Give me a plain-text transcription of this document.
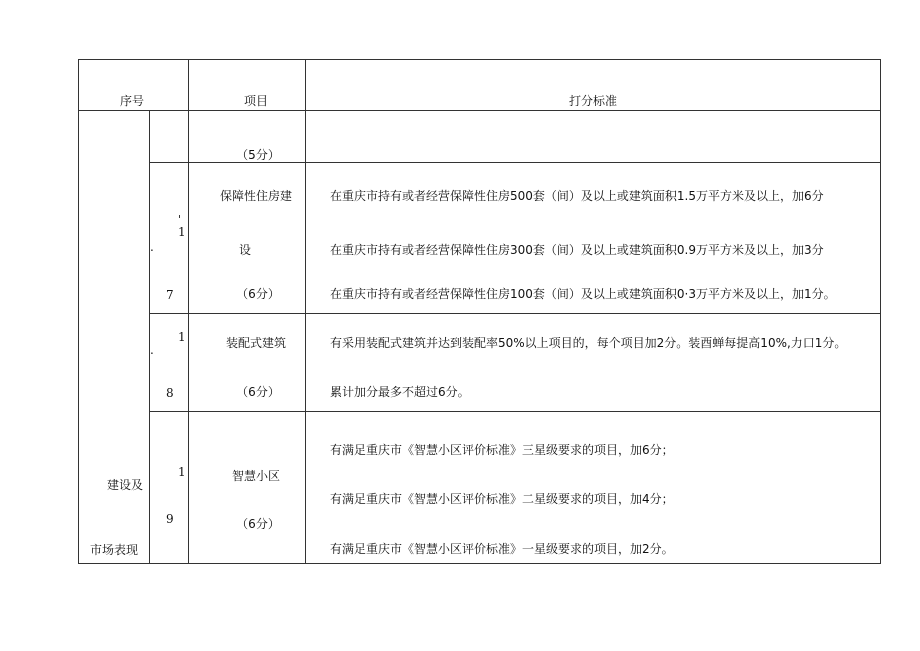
序号	项目	打分标准
建设及
市场表现
（5分）
'
1
.
7
保障性住房建
设
（6分）
在重庆市持有或者经营保障性住房500套（间）及以上或建筑面积1.5万平方米及以上，加6分
在重庆市持有或者经营保障性住房300套（间）及以上或建筑面积0.9万平方米及以上，加3分
在重庆市持有或者经营保障性住房100套（间）及以上或建筑面积0·3万平方米及以上，加1分。
1
.
8
装配式建筑
（6分）
有采用装配式建筑并达到装配率50%以上项目的，每个项目加2分。装酉蝉每提高10%,力口1分。
累计加分最多不超过6分。
1
9
智慧小区
（6分）
有满足重庆市《智慧小区评价标准》三星级要求的项目，加6分；
有满足重庆市《智慧小区评价标准》二星级要求的项目，加4分；
有满足重庆市《智慧小区评价标准》一星级要求的项目，加2分。
